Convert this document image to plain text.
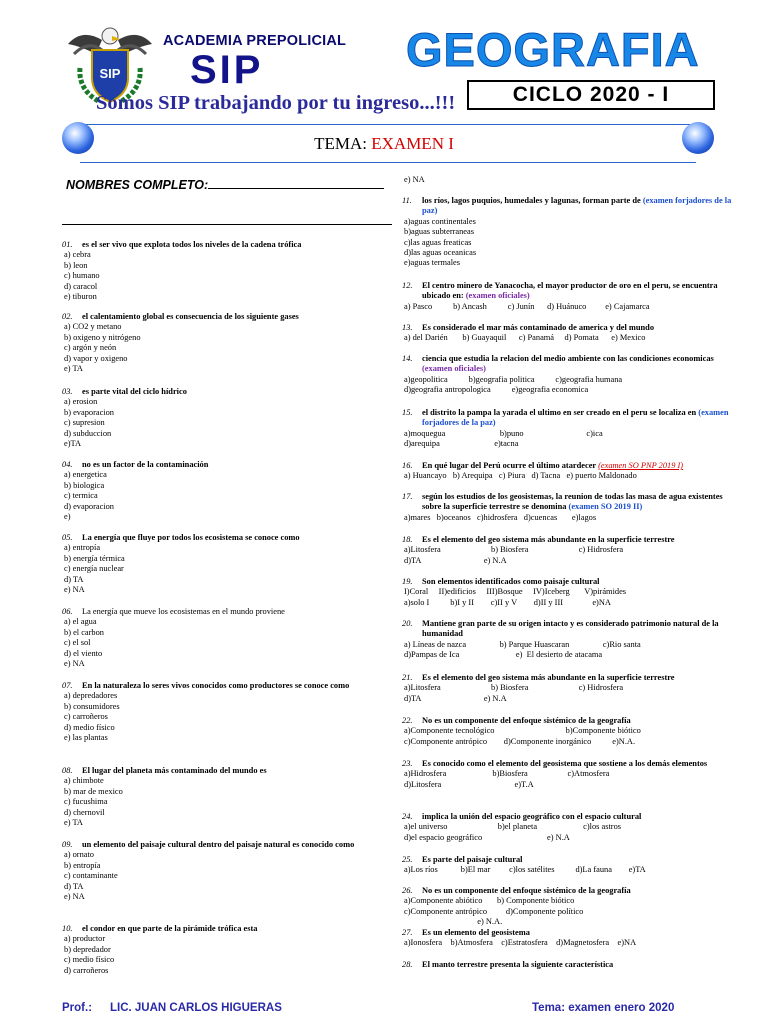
SIP
ACADEMIA PREPOLICIAL
SIP
Somos SIP trabajando por tu ingreso...!!!
GEOGRAFIA
CICLO 2020 - I
TEMA: EXAMEN I
NOMBRES COMPLETO:
01. es el ser vivo que explota todos los niveles de la cadena trófica
a) cebra
b) leon
c) humano
d) caracol
e) tiburon
02. el calentamiento global es consecuencia de los siguiente gases
a) CO2 y metano
b) oxigeno y nitrógeno
c) argón y neón
d) vapor y oxigeno
e) TA
03. es parte vital del ciclo hídrico
a) erosion
b) evaporacion
c) supresion
d) subduccion
e)TA
04. no es un factor de la contaminación
a) energetica
b) biologica
c) termica
d) evaporacion
e)
05. La energía que fluye por todos los ecosistema se conoce como
a) entropía
b) energía térmica
c) energía nuclear
d) TA
e) NA
06. La energía que mueve los ecosistemas en el mundo proviene
a) el agua
b) el carbon
c) el sol
d) el viento
e) NA
07. En la naturaleza lo seres vivos conocidos como productores se conoce como
a) depredadores
b) consumidores
c) carroñeros
d) medio físico
e) las plantas
08. El lugar del planeta más contaminado del mundo es
a) chimbote
b) mar de mexico
c) fucushima
d) chernovil
e) TA
09. un elemento del paisaje cultural dentro del paisaje natural es conocido como
a) ornato
b) entropía
c) contaminante
d) TA
e) NA
10. el condor en que parte de la pirámide trófica esta
a) productor
b) depredador
c) medio físico
d) carroñeros
e) NA
11. los ríos, lagos puquios, humedales y lagunas, forman parte de (examen forjadores de la paz)
a)aguas continentales
b)aguas subterraneas
c)las aguas freaticas
d)las aguas oceanicas
e)aguas termales
12. El centro minero de Yanacocha, el mayor productor de oro en el peru, se encuentra ubicado en: (examen oficiales)
a) Pasco b) Ancash c) Junín d) Huánuco e) Cajamarca
13. Es considerado el mar más contaminado de america y del mundo
a) del Darién b) Guayaquil c) Panamá d) Pomata e) Mexico
14. ciencia que estudia la relacion del medio ambiente con las condiciones economicas (examen oficiales)
a)geopolitica b)geografia politica c)geografia humana
d)geografia antropologica e)geografia economica
15. el distrito la pampa la yarada el ultimo en ser creado en el peru se localiza en (examen forjadores de la paz)
a)moquegua	b)puno	c)ica
d)arequipa	e)tacna
16. En qué lugar del Perú ocurre el último atardecer (examen SO PNP 2019 I)
a) Huancayo b) Arequipa c) Piura d) Tacna e) puerto Maldonado
17. según los estudios de los geosistemas, la reunion de todas las masa de agua existentes sobre la superficie terrestre se denomina (examen SO 2019 II)
a)mares b)oceanos c)hidrosfera d)cuencas e)lagos
18. Es el elemento del geo sistema más abundante en la superficie terrestre
a)Litosfera	b) Biosfera	c) Hidrosfera
d)TA	e) N.A
19. Son elementos identificados como paisaje cultural
I)Coral II)edificios III)Bosque IV)Iceberg V)pirámides
a)solo I b)I y II c)II y V d)II y III	e)NA
20. Mantiene gran parte de su origen intacto y es considerado patrimonio natural de la humanidad
a) Líneas de nazca	b) Parque Huascaran	c)Rio santa
d)Pampas de Ica	e)  El desierto de atacama
21. Es el elemento del geo sistema más abundante en la superficie terrestre
a)Litosfera	b) Biosfera	c) Hidrosfera
d)TA	e) N.A
22. No es un componente del enfoque sistémico de la geografía
a)Componente tecnológico	b)Componente biótico
c)Componente antrópico d)Componente inorgánico e)N.A.
23. Es conocido como el elemento del geosistema que sostiene a los demás elementos
a)Hidrosfera	b)Biosfera	c)Atmosfera
d)Litosfera	e)T.A
24. implica la unión del espacio geográfico con el espacio cultural
a)el universo	b)el planeta	c)los astros
d)el espacio geográfico	e) N.A
25. Es parte del paisaje cultural
a)Los ríos	b)El mar c)los satélites d)La fauna e)TA
26. No es un componente del enfoque sistémico de la geografía
a)Componente abiótico b) Componente biótico
c)Componente antrópico d)Componente político
e) N.A.
27. Es un elemento del geosistema
a)Ionosfera b)Atmosfera c)Estratosfera d)Magnetosfera e)NA
28. El manto terrestre presenta la siguiente característica
Prof.: LIC. JUAN CARLOS HIGUERAS	Tema: examen enero 2020
